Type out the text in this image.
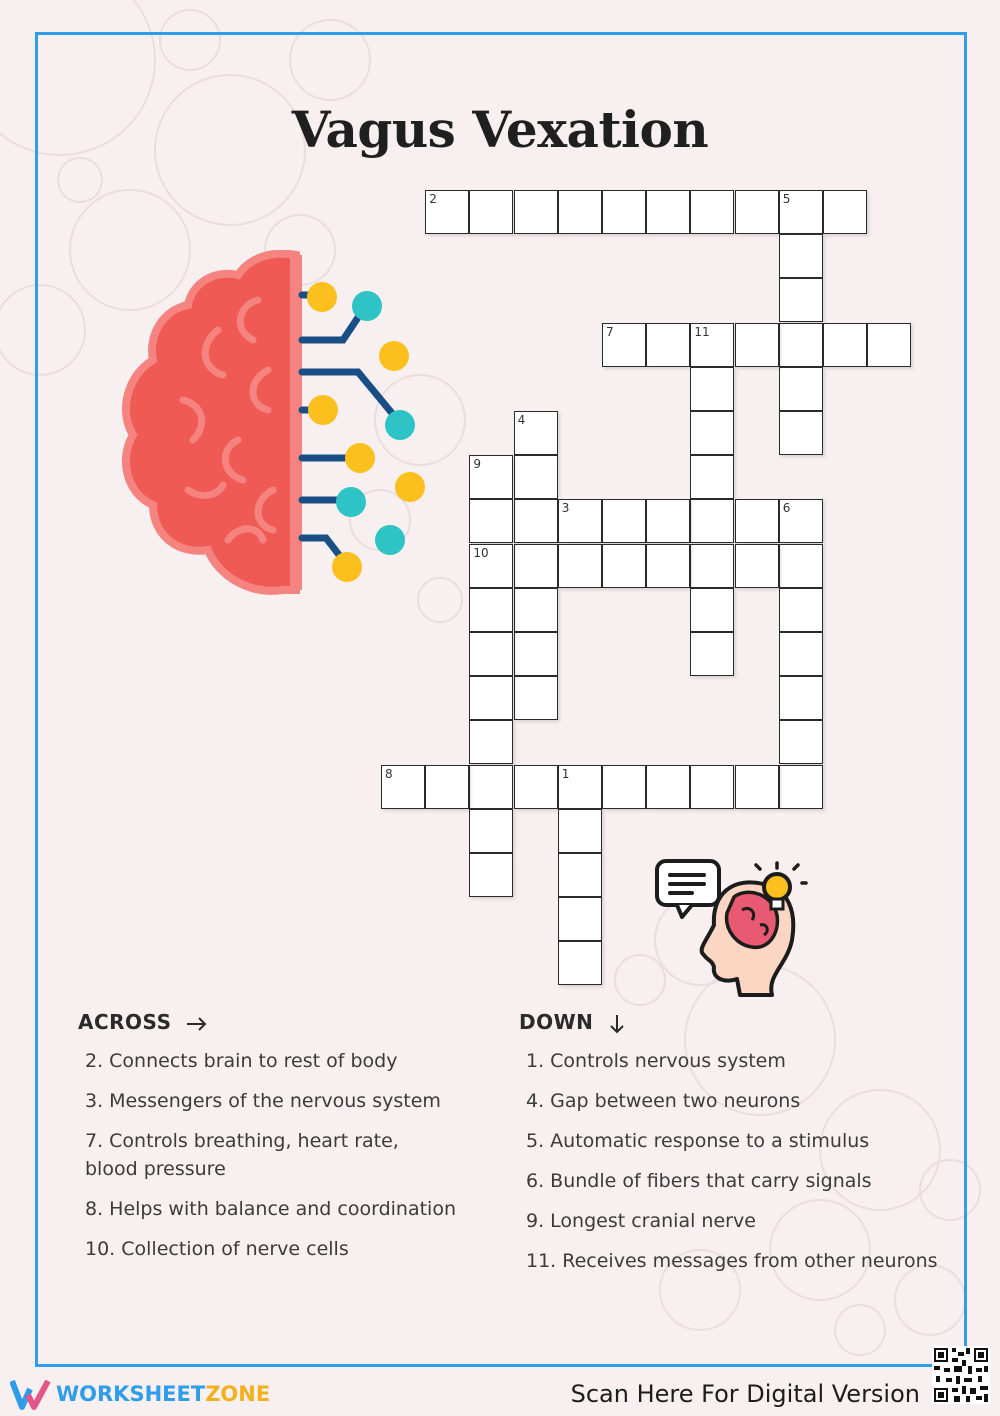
Vagus Vexation
2	5
7	11
4
9
10
3	6
8	1
ACROSS
2. Connects brain to rest of body
3. Messengers of the nervous system
7. Controls breathing, heart rate, blood pressure
8. Helps with balance and coordination
10. Collection of nerve cells
DOWN
1. Controls nervous system
4. Gap between two neurons
5. Automatic response to a stimulus
6. Bundle of fibers that carry signals
9. Longest cranial nerve
11. Receives messages from other neurons
WORKSHEET ZONE	Scan Here For Digital Version
